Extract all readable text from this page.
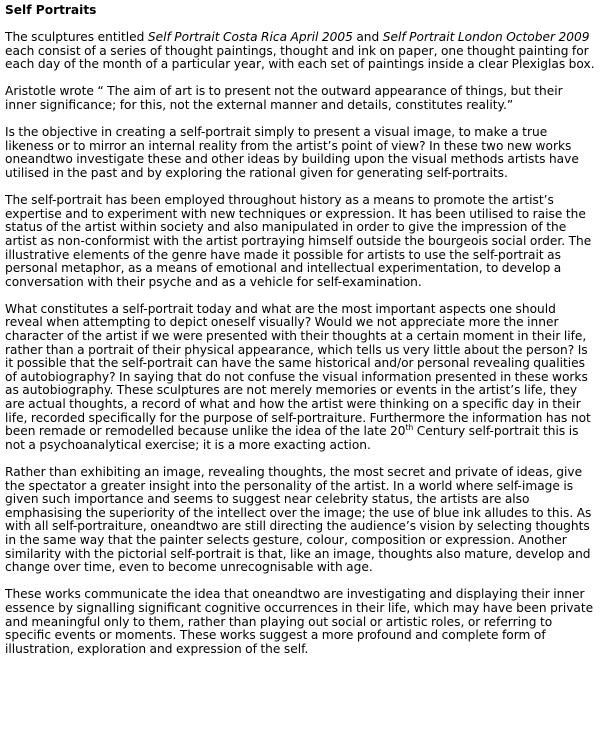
Self Portraits

The sculptures entitled Self Portrait Costa Rica April 2005 and Self Portrait London October 2009 each consist of a series of thought paintings, thought and ink on paper, one thought painting for each day of the month of a particular year, with each set of paintings inside a clear Plexiglas box.

Aristotle wrote “ The aim of art is to present not the outward appearance of things, but their inner significance; for this, not the external manner and details, constitutes reality.”

Is the objective in creating a self-portrait simply to present a visual image, to make a true likeness or to mirror an internal reality from the artist’s point of view? In these two new works oneandtwo investigate these and other ideas by building upon the visual methods artists have utilised in the past and by exploring the rational given for generating self-portraits.

The self-portrait has been employed throughout history as a means to promote the artist’s expertise and to experiment with new techniques or expression. It has been utilised to raise the status of the artist within society and also manipulated in order to give the impression of the artist as non-conformist with the artist portraying himself outside the bourgeois social order. The illustrative elements of the genre have made it possible for artists to use the self-portrait as personal metaphor, as a means of emotional and intellectual experimentation, to develop a conversation with their psyche and as a vehicle for self-examination.

What constitutes a self-portrait today and what are the most important aspects one should reveal when attempting to depict oneself visually? Would we not appreciate more the inner character of the artist if we were presented with their thoughts at a certain moment in their life, rather than a portrait of their physical appearance, which tells us very little about the person? Is it possible that the self-portrait can have the same historical and/or personal revealing qualities of autobiography? In saying that do not confuse the visual information presented in these works as autobiography. These sculptures are not merely memories or events in the artist’s life, they are actual thoughts, a record of what and how the artist were thinking on a specific day in their life, recorded specifically for the purpose of self-portraiture. Furthermore the information has not been remade or remodelled because unlike the idea of the late 20th Century self-portrait this is not a psychoanalytical exercise; it is a more exacting action.

Rather than exhibiting an image, revealing thoughts, the most secret and private of ideas, give the spectator a greater insight into the personality of the artist. In a world where self-image is given such importance and seems to suggest near celebrity status, the artists are also emphasising the superiority of the intellect over the image; the use of blue ink alludes to this. As with all self-portraiture, oneandtwo are still directing the audience’s vision by selecting thoughts in the same way that the painter selects gesture, colour, composition or expression. Another similarity with the pictorial self-portrait is that, like an image, thoughts also mature, develop and change over time, even to become unrecognisable with age.

These works communicate the idea that oneandtwo are investigating and displaying their inner essence by signalling significant cognitive occurrences in their life, which may have been private and meaningful only to them, rather than playing out social or artistic roles, or referring to specific events or moments. These works suggest a more profound and complete form of illustration, exploration and expression of the self.
